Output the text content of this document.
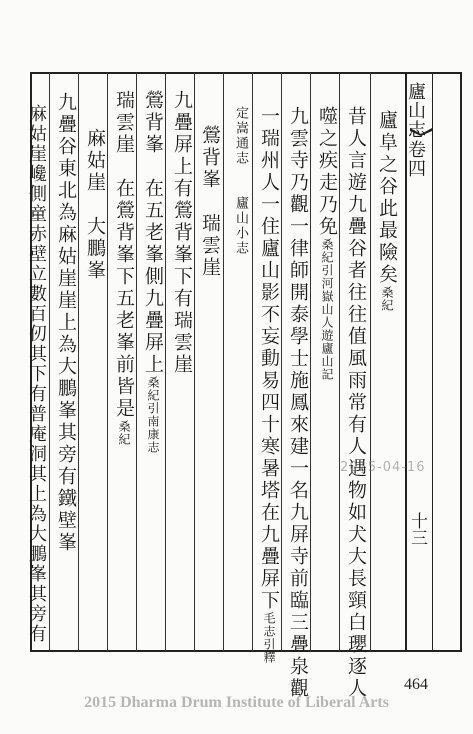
廬山志
卷四
十三
廬阜之谷此最險矣桑紀
昔人言遊九疊谷者往往值風雨常有人遇物如犬大長頸白瓔逐人
噬之疾走乃免桑紀引河嶽山人遊廬山記
九雲寺乃觀一律師開泰學士施鳳來建一名九屏寺前臨三疊泉觀
一瑞州人一住廬山影不妄動易四十寒暑塔在九疊屏下毛志引釋
定嵩通志　　廬山小志
鶯背峯　瑞雲崖
九疊屏上有鶯背峯下有瑞雲崖
鶯背峯　在五老峯側九疊屏上桑紀引南康志
瑞雲崖　在鶯背峯下五老峯前皆是桑紀
麻姑崖　大鵬峯
九疊谷東北為麻姑崖崖上為大鵬峯其旁有鐵壁峯
麻姑崖巉側童赤壁立數百仞其下有普庵洞其上為大鵬峯其旁有	2015-04-16
464
2015 Dharma Drum Institute of Liberal Arts
